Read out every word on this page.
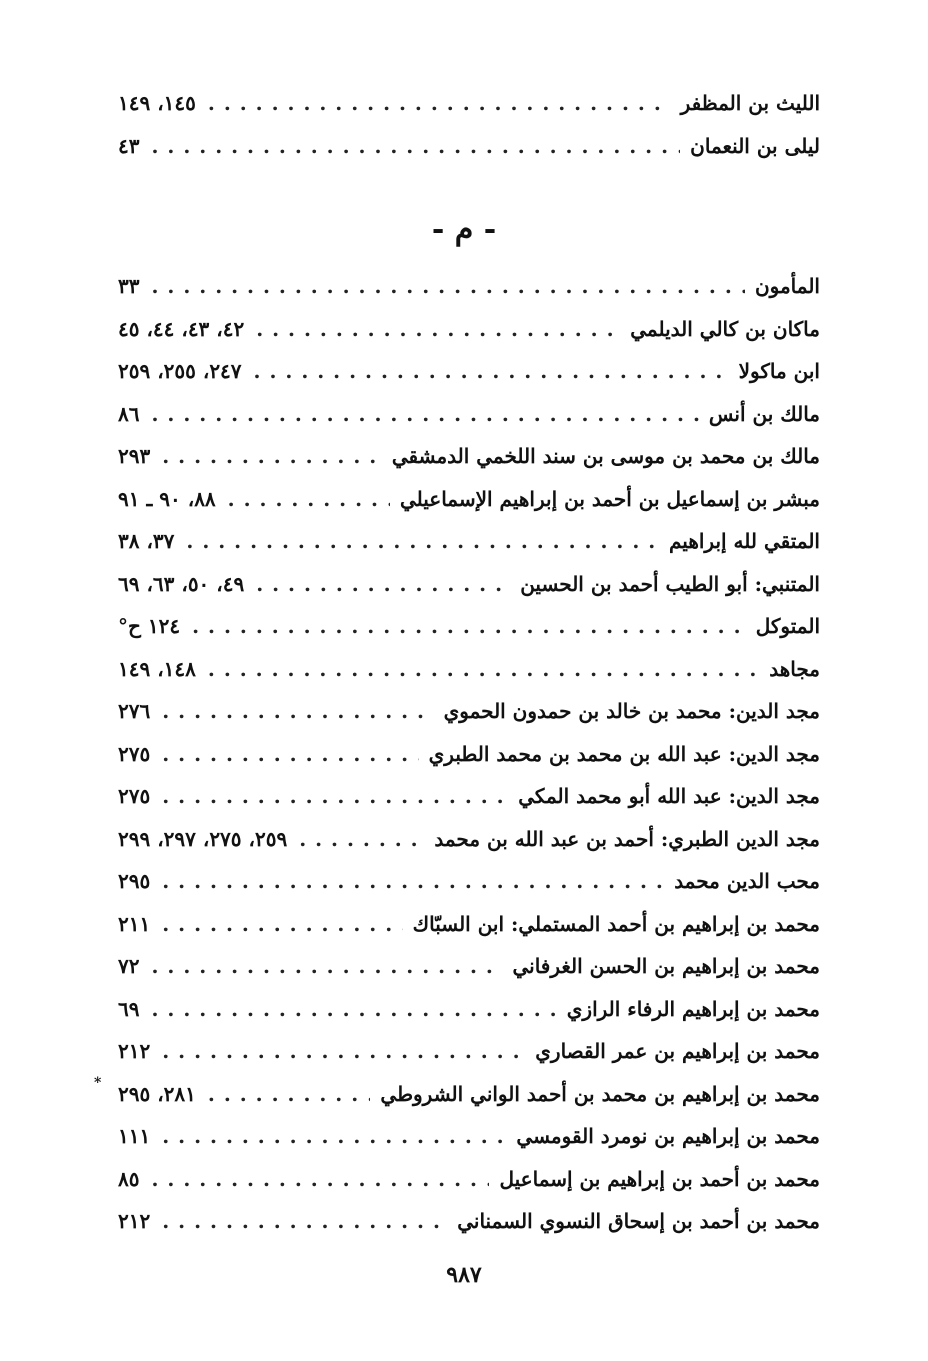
الليث بن المظفر
. . .
١٤٥، ١٤٩
ليلى بن النعمان
. . .
٤٣
- م -
المأمون
. . .
٣٣
ماكان بن كالي الديلمي
. . .
٤٢، ٤٣، ٤٤، ٤٥
ابن ماكولا
. . .
٢٤٧، ٢٥٥، ٢٥٩
مالك بن أنس
. . .
٨٦
مالك بن محمد بن موسى بن سند اللخمي الدمشقي
. . .
٢٩٣
مبشر بن إسماعيل بن أحمد بن إبراهيم الإسماعيلي
. . .
٨٨، ٩٠ ـ ٩١
المتقي لله إبراهيم
. . .
٣٧، ٣٨
المتنبي: أبو الطيب أحمد بن الحسين
. . .
٤٩، ٥٠، ٦٣، ٦٩
المتوكل
. . .
١٢٤ ح°
مجاهد
. . .
١٤٨، ١٤٩
مجد الدين: محمد بن خالد بن حمدون الحموي
. . .
٢٧٦
مجد الدين: عبد الله بن محمد بن محمد الطبري
. . .
٢٧٥
مجد الدين: عبد الله أبو محمد المكي
. . .
٢٧٥
مجد الدين الطبري: أحمد بن عبد الله بن محمد
. . .
٢٥٩، ٢٧٥، ٢٩٧، ٢٩٩
محب الدين محمد
. . .
٢٩٥
محمد بن إبراهيم بن أحمد المستملي: ابن السبّاك
. . .
٢١١
محمد بن إبراهيم بن الحسن الغرفاني
. . .
٧٢
محمد بن إبراهيم الرفاء الرازي
. . .
٦٩
محمد بن إبراهيم بن عمر القصاري
. . .
٢١٢
محمد بن إبراهيم بن محمد بن أحمد الواني الشروطي
. . .
٢٨١، ٢٩٥
محمد بن إبراهيم بن نومرد القومسي
. . .
١١١
محمد بن أحمد بن إبراهيم بن إسماعيل
. . .
٨٥
محمد بن أحمد بن إسحاق النسوي السمناني
. . .
٢١٢
*
٩٨٧
